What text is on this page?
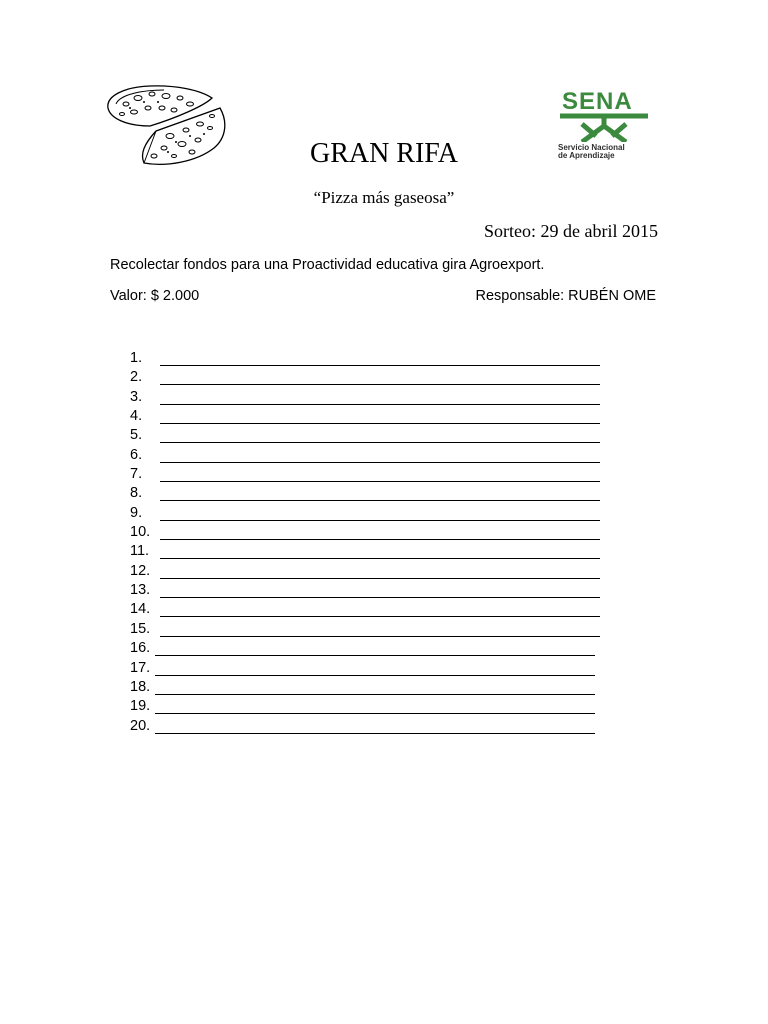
SENA
Servicio Nacional
de Aprendizaje
GRAN RIFA
“Pizza más gaseosa”
Sorteo: 29 de abril 2015
Recolectar fondos para una Proactividad educativa gira Agroexport.
Valor: $ 2.000	Responsable: RUBÉN OME
1.
2.
3.
4.
5.
6.
7.
8.
9.
10.
11.
12.
13.
14.
15.
16.
17.
18.
19.
20.
